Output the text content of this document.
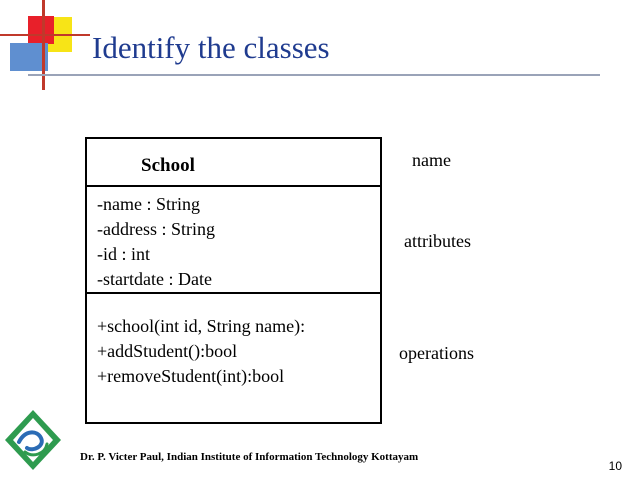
Identify the classes
School
-name : String
-address : String
-id : int
-startdate : Date
+school(int id, String name):
+addStudent():bool
+removeStudent(int):bool
name
attributes
operations
Dr. P. Victer Paul, Indian Institute of Information Technology Kottayam
10
